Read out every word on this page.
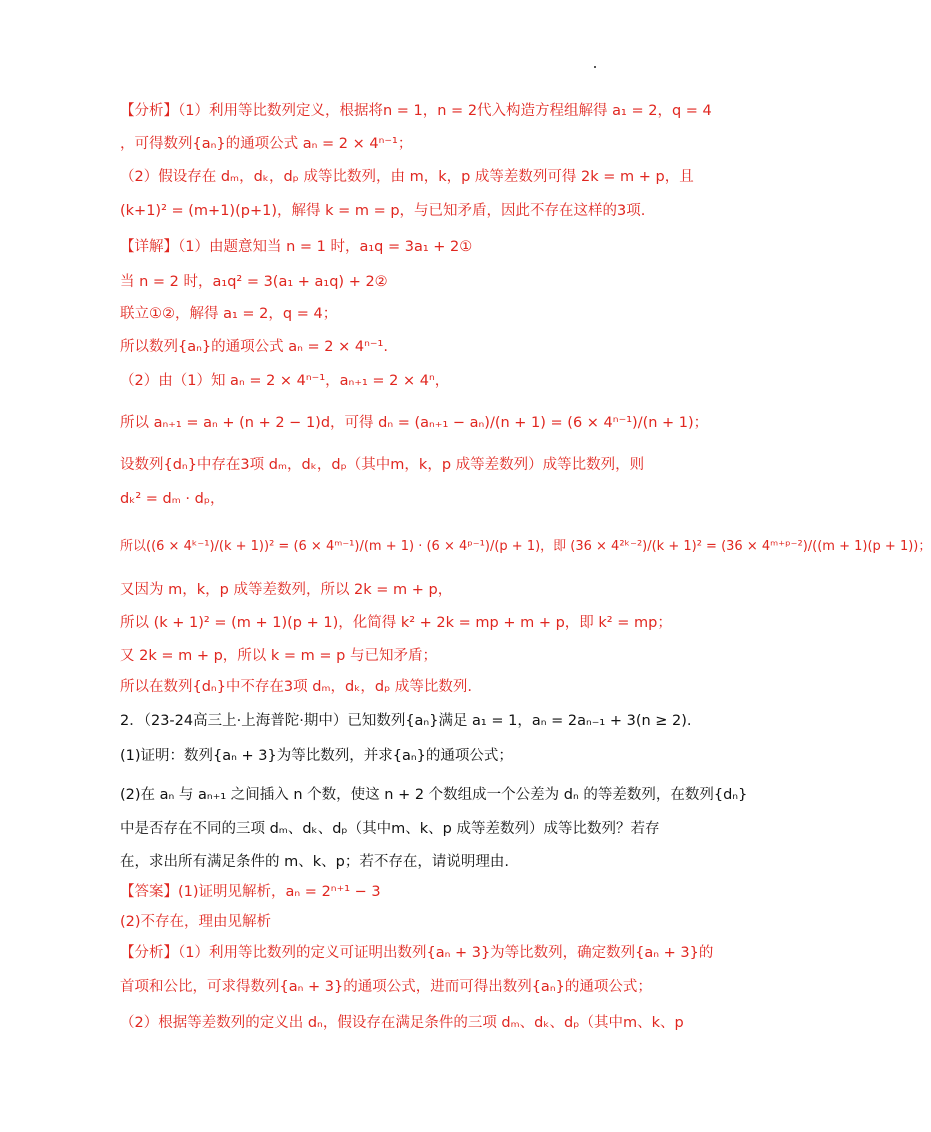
【分析】（1）利用等比数列定义，根据将n = 1，n = 2代入构造方程组解得 a₁ = 2，q = 4
，可得数列{aₙ}的通项公式 aₙ = 2 × 4ⁿ⁻¹；
（2）假设存在 dₘ，dₖ，dₚ 成等比数列，由 m，k，p 成等差数列可得 2k = m + p，且
(k+1)² = (m+1)(p+1)，解得 k = m = p，与已知矛盾，因此不存在这样的3项.
【详解】（1）由题意知当 n = 1 时，a₁q = 3a₁ + 2①
当 n = 2 时，a₁q² = 3(a₁ + a₁q) + 2②
联立①②，解得 a₁ = 2，q = 4；
所以数列{aₙ}的通项公式 aₙ = 2 × 4ⁿ⁻¹.
（2）由（1）知 aₙ = 2 × 4ⁿ⁻¹，aₙ₊₁ = 2 × 4ⁿ，
所以 aₙ₊₁ = aₙ + (n + 2 − 1)d，可得 dₙ = (aₙ₊₁ − aₙ)/(n + 1) = (6 × 4ⁿ⁻¹)/(n + 1)；
设数列{dₙ}中存在3项 dₘ，dₖ，dₚ（其中m，k，p 成等差数列）成等比数列，则
dₖ² = dₘ · dₚ，
所以((6 × 4ᵏ⁻¹)/(k + 1))² = (6 × 4ᵐ⁻¹)/(m + 1) · (6 × 4ᵖ⁻¹)/(p + 1)，即 (36 × 4²ᵏ⁻²)/(k + 1)² = (36 × 4ᵐ⁺ᵖ⁻²)/((m + 1)(p + 1))；
又因为 m，k，p 成等差数列，所以 2k = m + p，
所以 (k + 1)² = (m + 1)(p + 1)，化简得 k² + 2k = mp + m + p，即 k² = mp；
又 2k = m + p，所以 k = m = p 与已知矛盾；
所以在数列{dₙ}中不存在3项 dₘ，dₖ，dₚ 成等比数列.
2．（23-24高三上·上海普陀·期中）已知数列{aₙ}满足 a₁ = 1，aₙ = 2aₙ₋₁ + 3(n ≥ 2).
(1)证明：数列{aₙ + 3}为等比数列，并求{aₙ}的通项公式；
(2)在 aₙ 与 aₙ₊₁ 之间插入 n 个数，使这 n + 2 个数组成一个公差为 dₙ 的等差数列，在数列{dₙ}
中是否存在不同的三项 dₘ、dₖ、dₚ（其中m、k、p 成等差数列）成等比数列？若存
在，求出所有满足条件的 m、k、p；若不存在，请说明理由.
【答案】(1)证明见解析，aₙ = 2ⁿ⁺¹ − 3
(2)不存在，理由见解析
【分析】（1）利用等比数列的定义可证明出数列{aₙ + 3}为等比数列，确定数列{aₙ + 3}的
首项和公比，可求得数列{aₙ + 3}的通项公式，进而可得出数列{aₙ}的通项公式；
（2）根据等差数列的定义出 dₙ，假设存在满足条件的三项 dₘ、dₖ、dₚ（其中m、k、p
